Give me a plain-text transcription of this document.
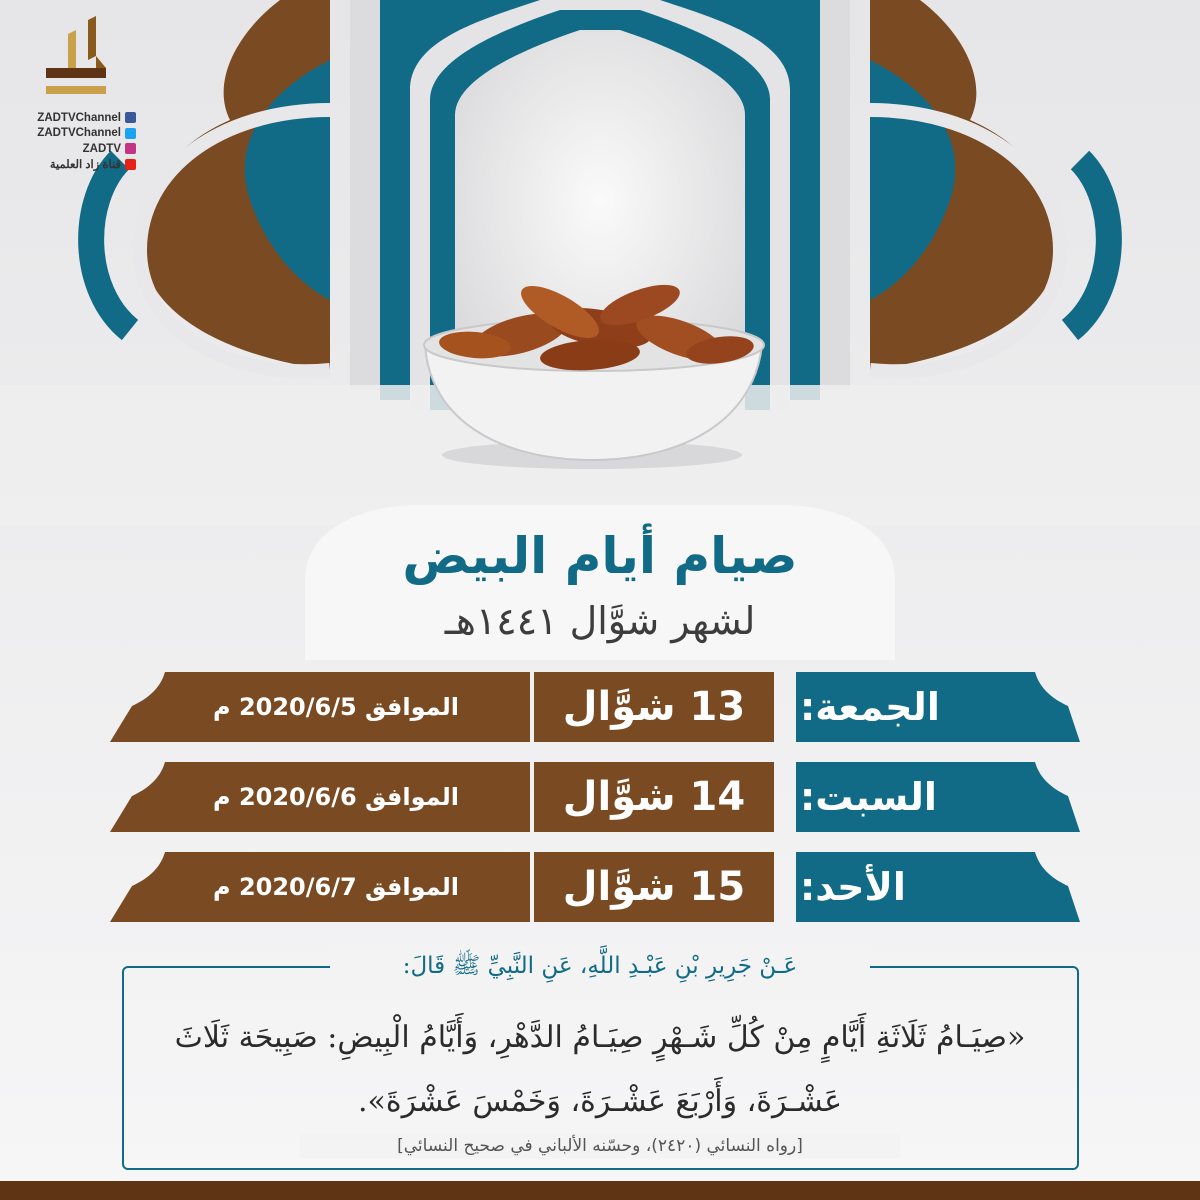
ZADTVChannel
ZADTVChannel
ZADTV
قناة زاد العلمية
صيام أيام البيض
لشهر شوَّال ١٤٤١هـ
الجمعة:
13 شوَّال
الموافق 2020/6/5 م
السبت:
14 شوَّال
الموافق 2020/6/6 م
الأحد:
15 شوَّال
الموافق 2020/6/7 م
عَـنْ جَرِيرِ بْنِ عَبْـدِ اللَّهِ، عَنِ النَّبِيِّ ﷺ قَالَ:
«صِيَـامُ ثَلَاثَةِ أَيَّامٍ مِنْ كُلِّ شَـهْرٍ صِيَـامُ الدَّهْرِ، وَأَيَّامُ الْبِيضِ: صَبِيحَة ثَلَاثَ عَشْـرَةَ، وَأَرْبَعَ عَشْـرَةَ، وَخَمْسَ عَشْرَةَ».
[رواه النسائي (٢٤٢٠)، وحسّنه الألباني في صحيح النسائي]
